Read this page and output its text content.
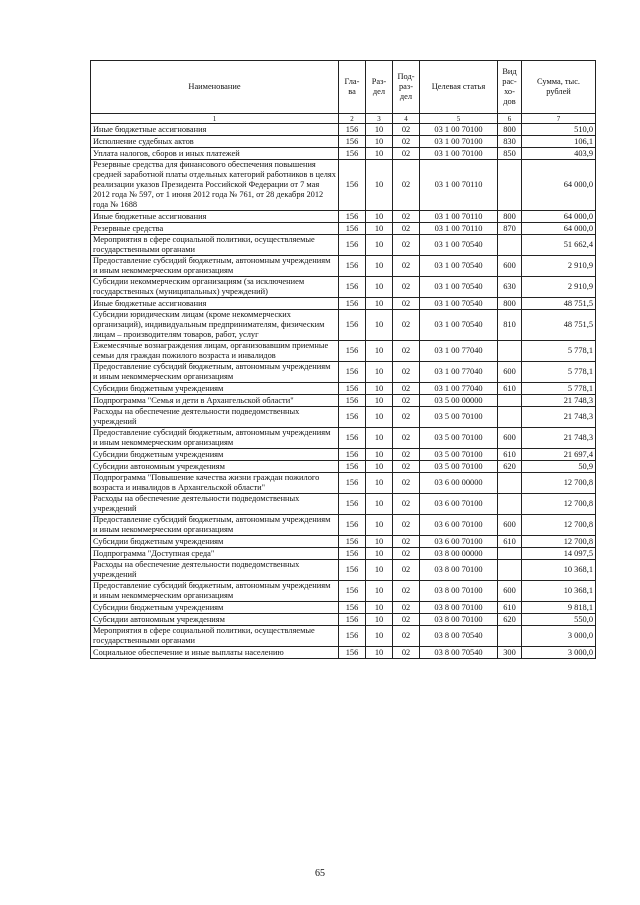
Наименование	Гла-ва	Раз-дел	Под-раз-дел	Целевая статья	Вид рас-хо-дов	Сумма, тыс. рублей
1	2	3	4	5	6	7
Иные бюджетные ассигнования	156	10	02	03 1 00 70100	800	510,0
Исполнение судебных актов	156	10	02	03 1 00 70100	830	106,1
Уплата налогов, сборов и иных платежей	156	10	02	03 1 00 70100	850	403,9
Резервные средства для финансового обеспечения повышения средней заработной платы отдельных категорий работников в целях реализации указов Президента Российской Федерации от 7 мая 2012 года № 597, от 1 июня 2012 года № 761, от 28 декабря 2012 года № 1688	156	10	02	03 1 00 70110		64 000,0
Иные бюджетные ассигнования	156	10	02	03 1 00 70110	800	64 000,0
Резервные средства	156	10	02	03 1 00 70110	870	64 000,0
Мероприятия в сфере социальной политики, осуществляемые государственными органами	156	10	02	03 1 00 70540		51 662,4
Предоставление субсидий бюджетным, автономным учреждениям и иным некоммерческим организациям	156	10	02	03 1 00 70540	600	2 910,9
Субсидии некоммерческим организациям (за исключением государственных (муниципальных) учреждений)	156	10	02	03 1 00 70540	630	2 910,9
Иные бюджетные ассигнования	156	10	02	03 1 00 70540	800	48 751,5
Субсидии юридическим лицам (кроме некоммерческих организаций), индивидуальным предпринимателям, физическим лицам – производителям товаров, работ, услуг	156	10	02	03 1 00 70540	810	48 751,5
Ежемесячные вознаграждения лицам, организовавшим приемные семьи для граждан пожилого возраста и инвалидов	156	10	02	03 1 00 77040		5 778,1
Предоставление субсидий бюджетным, автономным учреждениям и иным некоммерческим организациям	156	10	02	03 1 00 77040	600	5 778,1
Субсидии бюджетным учреждениям	156	10	02	03 1 00 77040	610	5 778,1
Подпрограмма "Семья и дети в Архангельской области"	156	10	02	03 5 00 00000		21 748,3
Расходы на обеспечение деятельности подведомственных учреждений	156	10	02	03 5 00 70100		21 748,3
Предоставление субсидий бюджетным, автономным учреждениям и иным некоммерческим организациям	156	10	02	03 5 00 70100	600	21 748,3
Субсидии бюджетным учреждениям	156	10	02	03 5 00 70100	610	21 697,4
Субсидии автономным учреждениям	156	10	02	03 5 00 70100	620	50,9
Подпрограмма "Повышение качества жизни граждан пожилого возраста и инвалидов в Архангельской области"	156	10	02	03 6 00 00000		12 700,8
Расходы на обеспечение деятельности подведомственных учреждений	156	10	02	03 6 00 70100		12 700,8
Предоставление субсидий бюджетным, автономным учреждениям и иным некоммерческим организациям	156	10	02	03 6 00 70100	600	12 700,8
Субсидии бюджетным учреждениям	156	10	02	03 6 00 70100	610	12 700,8
Подпрограмма "Доступная среда"	156	10	02	03 8 00 00000		14 097,5
Расходы на обеспечение деятельности подведомственных учреждений	156	10	02	03 8 00 70100		10 368,1
Предоставление субсидий бюджетным, автономным учреждениям и иным некоммерческим организациям	156	10	02	03 8 00 70100	600	10 368,1
Субсидии бюджетным учреждениям	156	10	02	03 8 00 70100	610	9 818,1
Субсидии автономным учреждениям	156	10	02	03 8 00 70100	620	550,0
Мероприятия в сфере социальной политики, осуществляемые государственными органами	156	10	02	03 8 00 70540		3 000,0
Социальное обеспечение и иные выплаты населению	156	10	02	03 8 00 70540	300	3 000,0
65
